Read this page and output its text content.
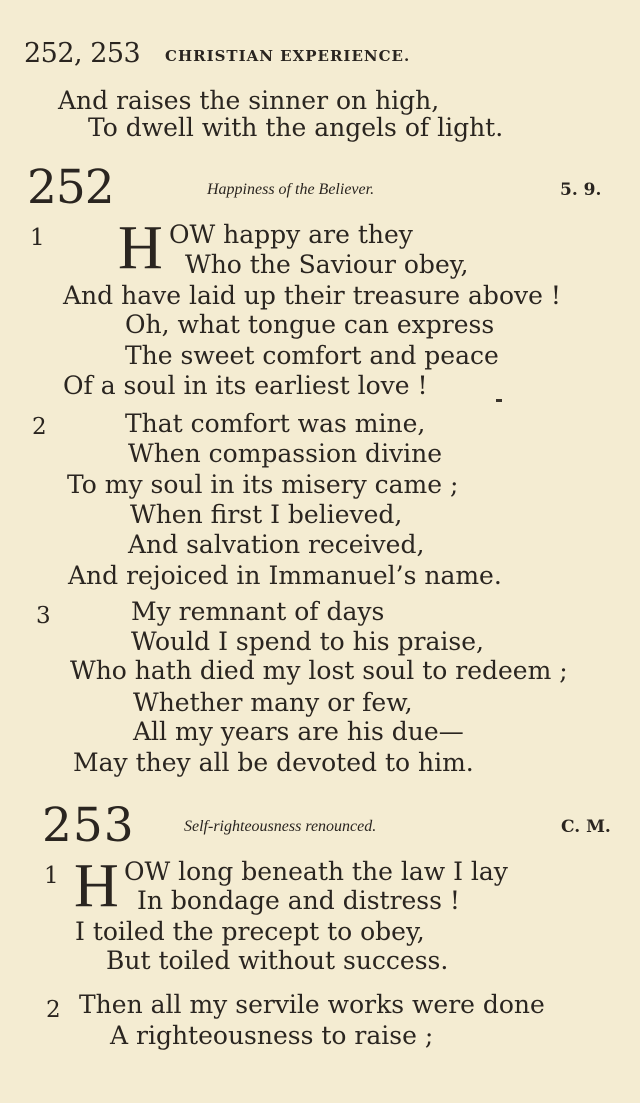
252, 253 CHRISTIAN EXPERIENCE.
And raises the sinner on high,
To dwell with the angels of light.
252	Happiness of the Believer.	5. 9.
1 H OW happy are they
Who the Saviour obey,
And have laid up their treasure above !
Oh, what tongue can express
The sweet comfort and peace
Of a soul in its earliest love !
2	That comfort was mine,
When compassion divine
To my soul in its misery came ;
When first I believed,
And salvation received,
And rejoiced in Immanuel’s name.
3	My remnant of days
Would I spend to his praise,
Who hath died my lost soul to redeem ;
Whether many or few,
All my years are his due—
May they all be devoted to him.
253	Self-righteousness renounced.	C. M.
1 H OW long beneath the law I lay
In bondage and distress !
I toiled the precept to obey,
But toiled without success.
2 Then all my servile works were done
A righteousness to raise ;
